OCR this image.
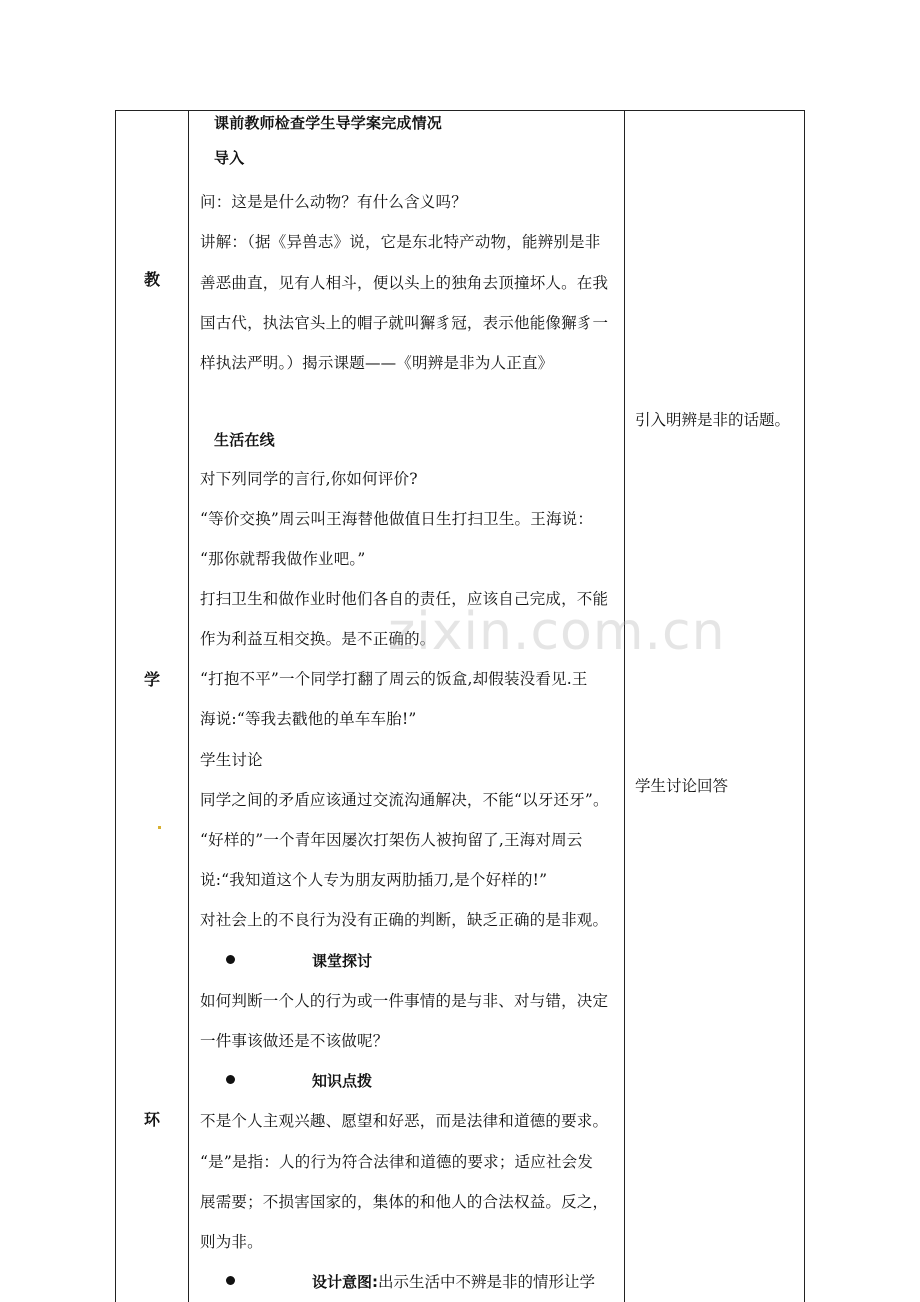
教
学
环
课前教师检查学生导学案完成情况
导入
问：这是是什么动物？有什么含义吗？
讲解：（据《异兽志》说，它是东北特产动物，能辨别是非
善恶曲直，见有人相斗，便以头上的独角去顶撞坏人。在我
国古代，执法官头上的帽子就叫獬豸冠，表示他能像獬豸一
样执法严明。）揭示课题——《明辨是非为人正直》
生活在线
对下列同学的言行,你如何评价?
“等价交换”周云叫王海替他做值日生打扫卫生。王海说：
“那你就帮我做作业吧。”
打扫卫生和做作业时他们各自的责任，应该自己完成，不能
作为利益互相交换。是不正确的。
“打抱不平”一个同学打翻了周云的饭盒,却假装没看见.王
海说:“等我去戳他的单车车胎!”
学生讨论
同学之间的矛盾应该通过交流沟通解决，不能“以牙还牙”。
“好样的”一个青年因屡次打架伤人被拘留了,王海对周云
说:“我知道这个人专为朋友两肋插刀,是个好样的!”
对社会上的不良行为没有正确的判断，缺乏正确的是非观。
课堂探讨
如何判断一个人的行为或一件事情的是与非、对与错，决定
一件事该做还是不该做呢？
知识点拨
不是个人主观兴趣、愿望和好恶，而是法律和道德的要求。
“是”是指：人的行为符合法律和道德的要求；适应社会发
展需要；不损害国家的，集体的和他人的合法权益。反之，
则为非。
设计意图:出示生活中不辨是非的情形让学
引入明辨是非的话题。
学生讨论回答
zixin.com.cn
